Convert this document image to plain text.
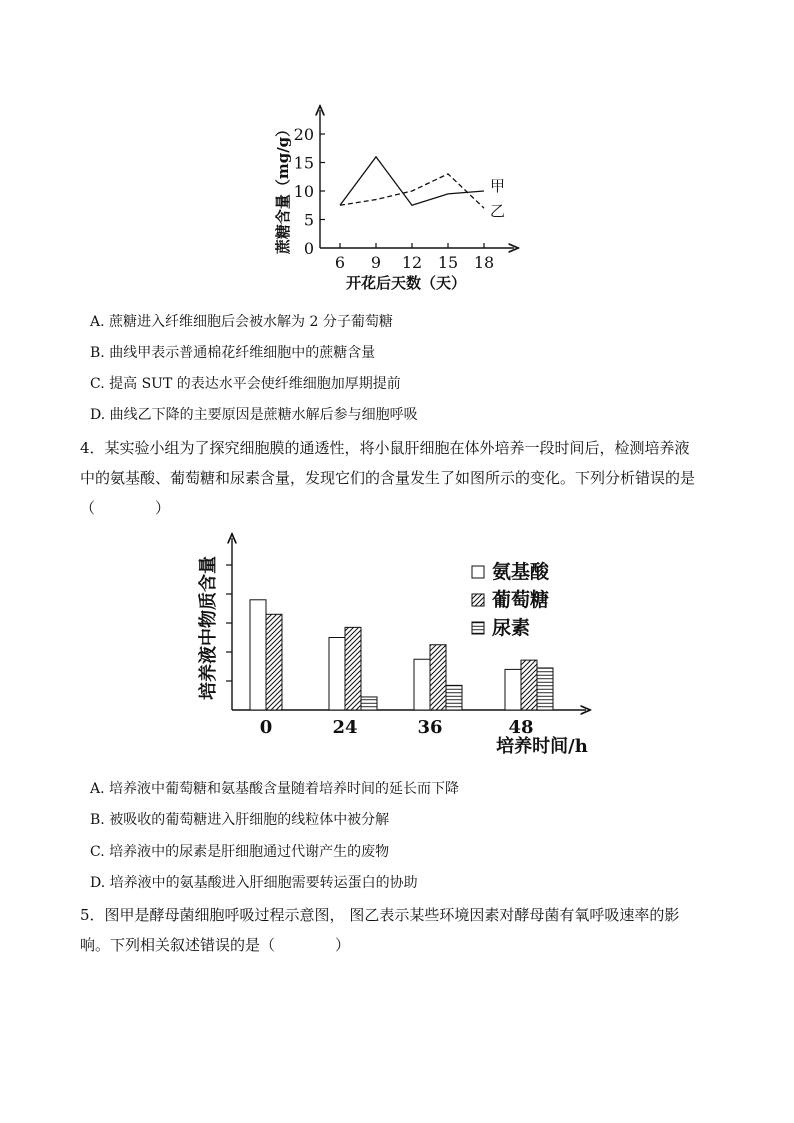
0
5
10
15
20
6 9 12 15 18
甲
乙
蔗糖含量（mg/g）
开花后天数（天）
A. 蔗糖进入纤维细胞后会被水解为 2 分子葡萄糖
B. 曲线甲表示普通棉花纤维细胞中的蔗糖含量
C. 提高 SUT 的表达水平会使纤维细胞加厚期提前
D. 曲线乙下降的主要原因是蔗糖水解后参与细胞呼吸
4．某实验小组为了探究细胞膜的通透性，将小鼠肝细胞在体外培养一段时间后，检测培养液
中的氨基酸、葡萄糖和尿素含量，发现它们的含量发生了如图所示的变化。下列分析错误的是
（　　　　）
0	24	36	48
氨基酸
葡萄糖
尿素
培养液中物质含量
培养时间/h
A. 培养液中葡萄糖和氨基酸含量随着培养时间的延长而下降
B. 被吸收的葡萄糖进入肝细胞的线粒体中被分解
C. 培养液中的尿素是肝细胞通过代谢产生的废物
D. 培养液中的氨基酸进入肝细胞需要转运蛋白的协助
5．图甲是酵母菌细胞呼吸过程示意图， 图乙表示某些环境因素对酵母菌有氧呼吸速率的影
响。下列相关叙述错误的是（　　　　）
